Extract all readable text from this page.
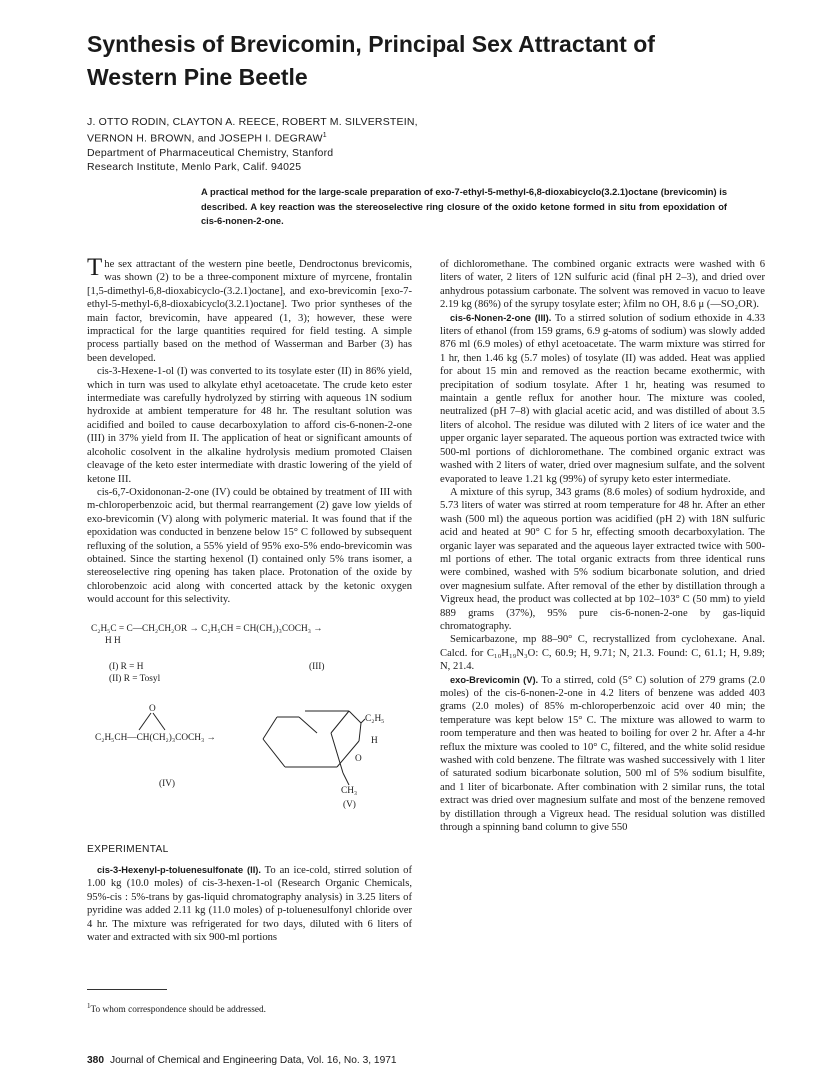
Synthesis of Brevicomin, Principal Sex Attractant of Western Pine Beetle
J. OTTO RODIN, CLAYTON A. REECE, ROBERT M. SILVERSTEIN,
VERNON H. BROWN, and JOSEPH I. DEGRAW$^1$
Department of Pharmaceutical Chemistry, Stanford
Research Institute, Menlo Park, Calif. 94025
A practical method for the large-scale preparation of exo-7-ethyl-5-methyl-6,8-dioxabicyclo(3.2.1)octane (brevicomin) is described. A key reaction was the stereoselective ring closure of the oxido ketone formed in situ from epoxidation of cis-6-nonen-2-one.

The sex attractant of the western pine beetle, Dendroctonus brevicomis, was shown (2) to be a three-component mixture of myrcene, frontalin [1,5-dimethyl-6,8-dioxabicyclo-(3.2.1)octane], and exo-brevicomin [exo-7-ethyl-5-methyl-6,8-dioxabicyclo(3.2.1)octane]. Two prior syntheses of the main factor, brevicomin, have appeared (1, 3); however, these were impractical for the large quantities required for field testing. A simple process partially based on the method of Wasserman and Barber (3) has been developed.

cis-3-Hexene-1-ol (I) was converted to its tosylate ester (II) in 86% yield, which in turn was used to alkylate ethyl acetoacetate. The crude keto ester intermediate was carefully hydrolyzed by stirring with aqueous 1N sodium hydroxide at ambient temperature for 48 hr. The resultant solution was acidified and boiled to cause decarboxylation to afford cis-6-nonen-2-one (III) in 37% yield from II. The application of heat or significant amounts of alcoholic cosolvent in the alkaline hydrolysis medium promoted Claisen cleavage of the keto ester intermediate with drastic lowering of the yield of ketone III.

cis-6,7-Oxidononan-2-one (IV) could be obtained by treatment of III with m-chloroperbenzoic acid, but thermal rearrangement (2) gave low yields of exo-brevicomin (V) along with polymeric material. It was found that if the epoxidation was conducted in benzene below 15° C followed by subsequent refluxing of the solution, a 55% yield of 95% exo-5% endo-brevicomin was obtained. Since the starting hexenol (I) contained only 5% trans isomer, a stereoselective ring opening has taken place. Protonation of the oxide by chlorobenzoic acid along with concerted attack by the ketonic oxygen would account for this selectivity.

C₂H₅C = C—CH₂CH₂OR → C₂H₅CH = CH(CH₂)₃COCH₃ →
H H
(I) R = H
(II) R = Tosyl
(III)
O
C₂H₅CH—CH(CH₂)₃COCH₃ →
(IV)
C₂H₅
H
O
CH₃
(V)
EXPERIMENTAL

cis-3-Hexenyl-p-toluenesulfonate (II). To an ice-cold, stirred solution of 1.00 kg (10.0 moles) of cis-3-hexen-1-ol (Research Organic Chemicals, 95%-cis : 5%-trans by gas-liquid chromatography analysis) in 3.25 liters of pyridine was added 2.11 kg (11.0 moles) of p-toluenesulfonyl chloride over 4 hr. The mixture was refrigerated for two days, diluted with 6 liters of water and extracted with six 900-ml portions

$^1$To whom correspondence should be addressed.

of dichloromethane. The combined organic extracts were washed with 6 liters of water, 2 liters of 12N sulfuric acid (final pH 2–3), and dried over anhydrous potassium carbonate. The solvent was removed in vacuo to leave 2.19 kg (86%) of the syrupy tosylate ester; λfilm no OH, 8.6 μ (—SO₂OR).

cis-6-Nonen-2-one (III). To a stirred solution of sodium ethoxide in 4.33 liters of ethanol (from 159 grams, 6.9 g-atoms of sodium) was slowly added 876 ml (6.9 moles) of ethyl acetoacetate. The warm mixture was stirred for 1 hr, then 1.46 kg (5.7 moles) of tosylate (II) was added. Heat was applied for about 15 min and removed as the reaction became exothermic, with precipitation of sodium tosylate. After 1 hr, heating was resumed to maintain a gentle reflux for another hour. The mixture was cooled, neutralized (pH 7–8) with glacial acetic acid, and was distilled of about 3.5 liters of alcohol. The residue was diluted with 2 liters of ice water and the upper organic layer separated. The aqueous portion was extracted twice with 500-ml portions of dichloromethane. The combined organic extract was washed with 2 liters of water, dried over magnesium sulfate, and the solvent evaporated to leave 1.21 kg (99%) of syrupy keto ester intermediate.

A mixture of this syrup, 343 grams (8.6 moles) of sodium hydroxide, and 5.73 liters of water was stirred at room temperature for 48 hr. After an ether wash (500 ml) the aqueous portion was acidified (pH 2) with 18N sulfuric acid and heated at 90° C for 5 hr, effecting smooth decarboxylation. The organic layer was separated and the aqueous layer extracted twice with 500-ml portions of ether. The total organic extracts from three identical runs were combined, washed with 5% sodium bicarbonate solution, and dried over magnesium sulfate. After removal of the ether by distillation through a Vigreux head, the product was collected at bp 102–103° C (50 mm) to yield 889 grams (37%), 95% pure cis-6-nonen-2-one by gas-liquid chromatography.

Semicarbazone, mp 88–90° C, recrystallized from cyclohexane. Anal. Calcd. for C₁₀H₁₉N₃O: C, 60.9; H, 9.71; N, 21.3. Found: C, 61.1; H, 9.89; N, 21.4.

exo-Brevicomin (V). To a stirred, cold (5° C) solution of 279 grams (2.0 moles) of the cis-6-nonen-2-one in 4.2 liters of benzene was added 403 grams (2.0 moles) of 85% m-chloroperbenzoic acid over 40 min; the temperature was kept below 15° C. The mixture was allowed to warm to room temperature and then was heated to boiling for over 2 hr. After a 4-hr reflux the mixture was cooled to 10° C, filtered, and the white solid residue washed with cold benzene. The filtrate was washed successively with 1 liter of saturated sodium bicarbonate solution, 500 ml of 5% sodium bisulfite, and 1 liter of bicarbonate. After combination with 2 similar runs, the total extract was dried over magnesium sulfate and most of the benzene removed by distillation through a Vigreux head. The residual solution was distilled through a spinning band column to give 550

380 Journal of Chemical and Engineering Data, Vol. 16, No. 3, 1971
